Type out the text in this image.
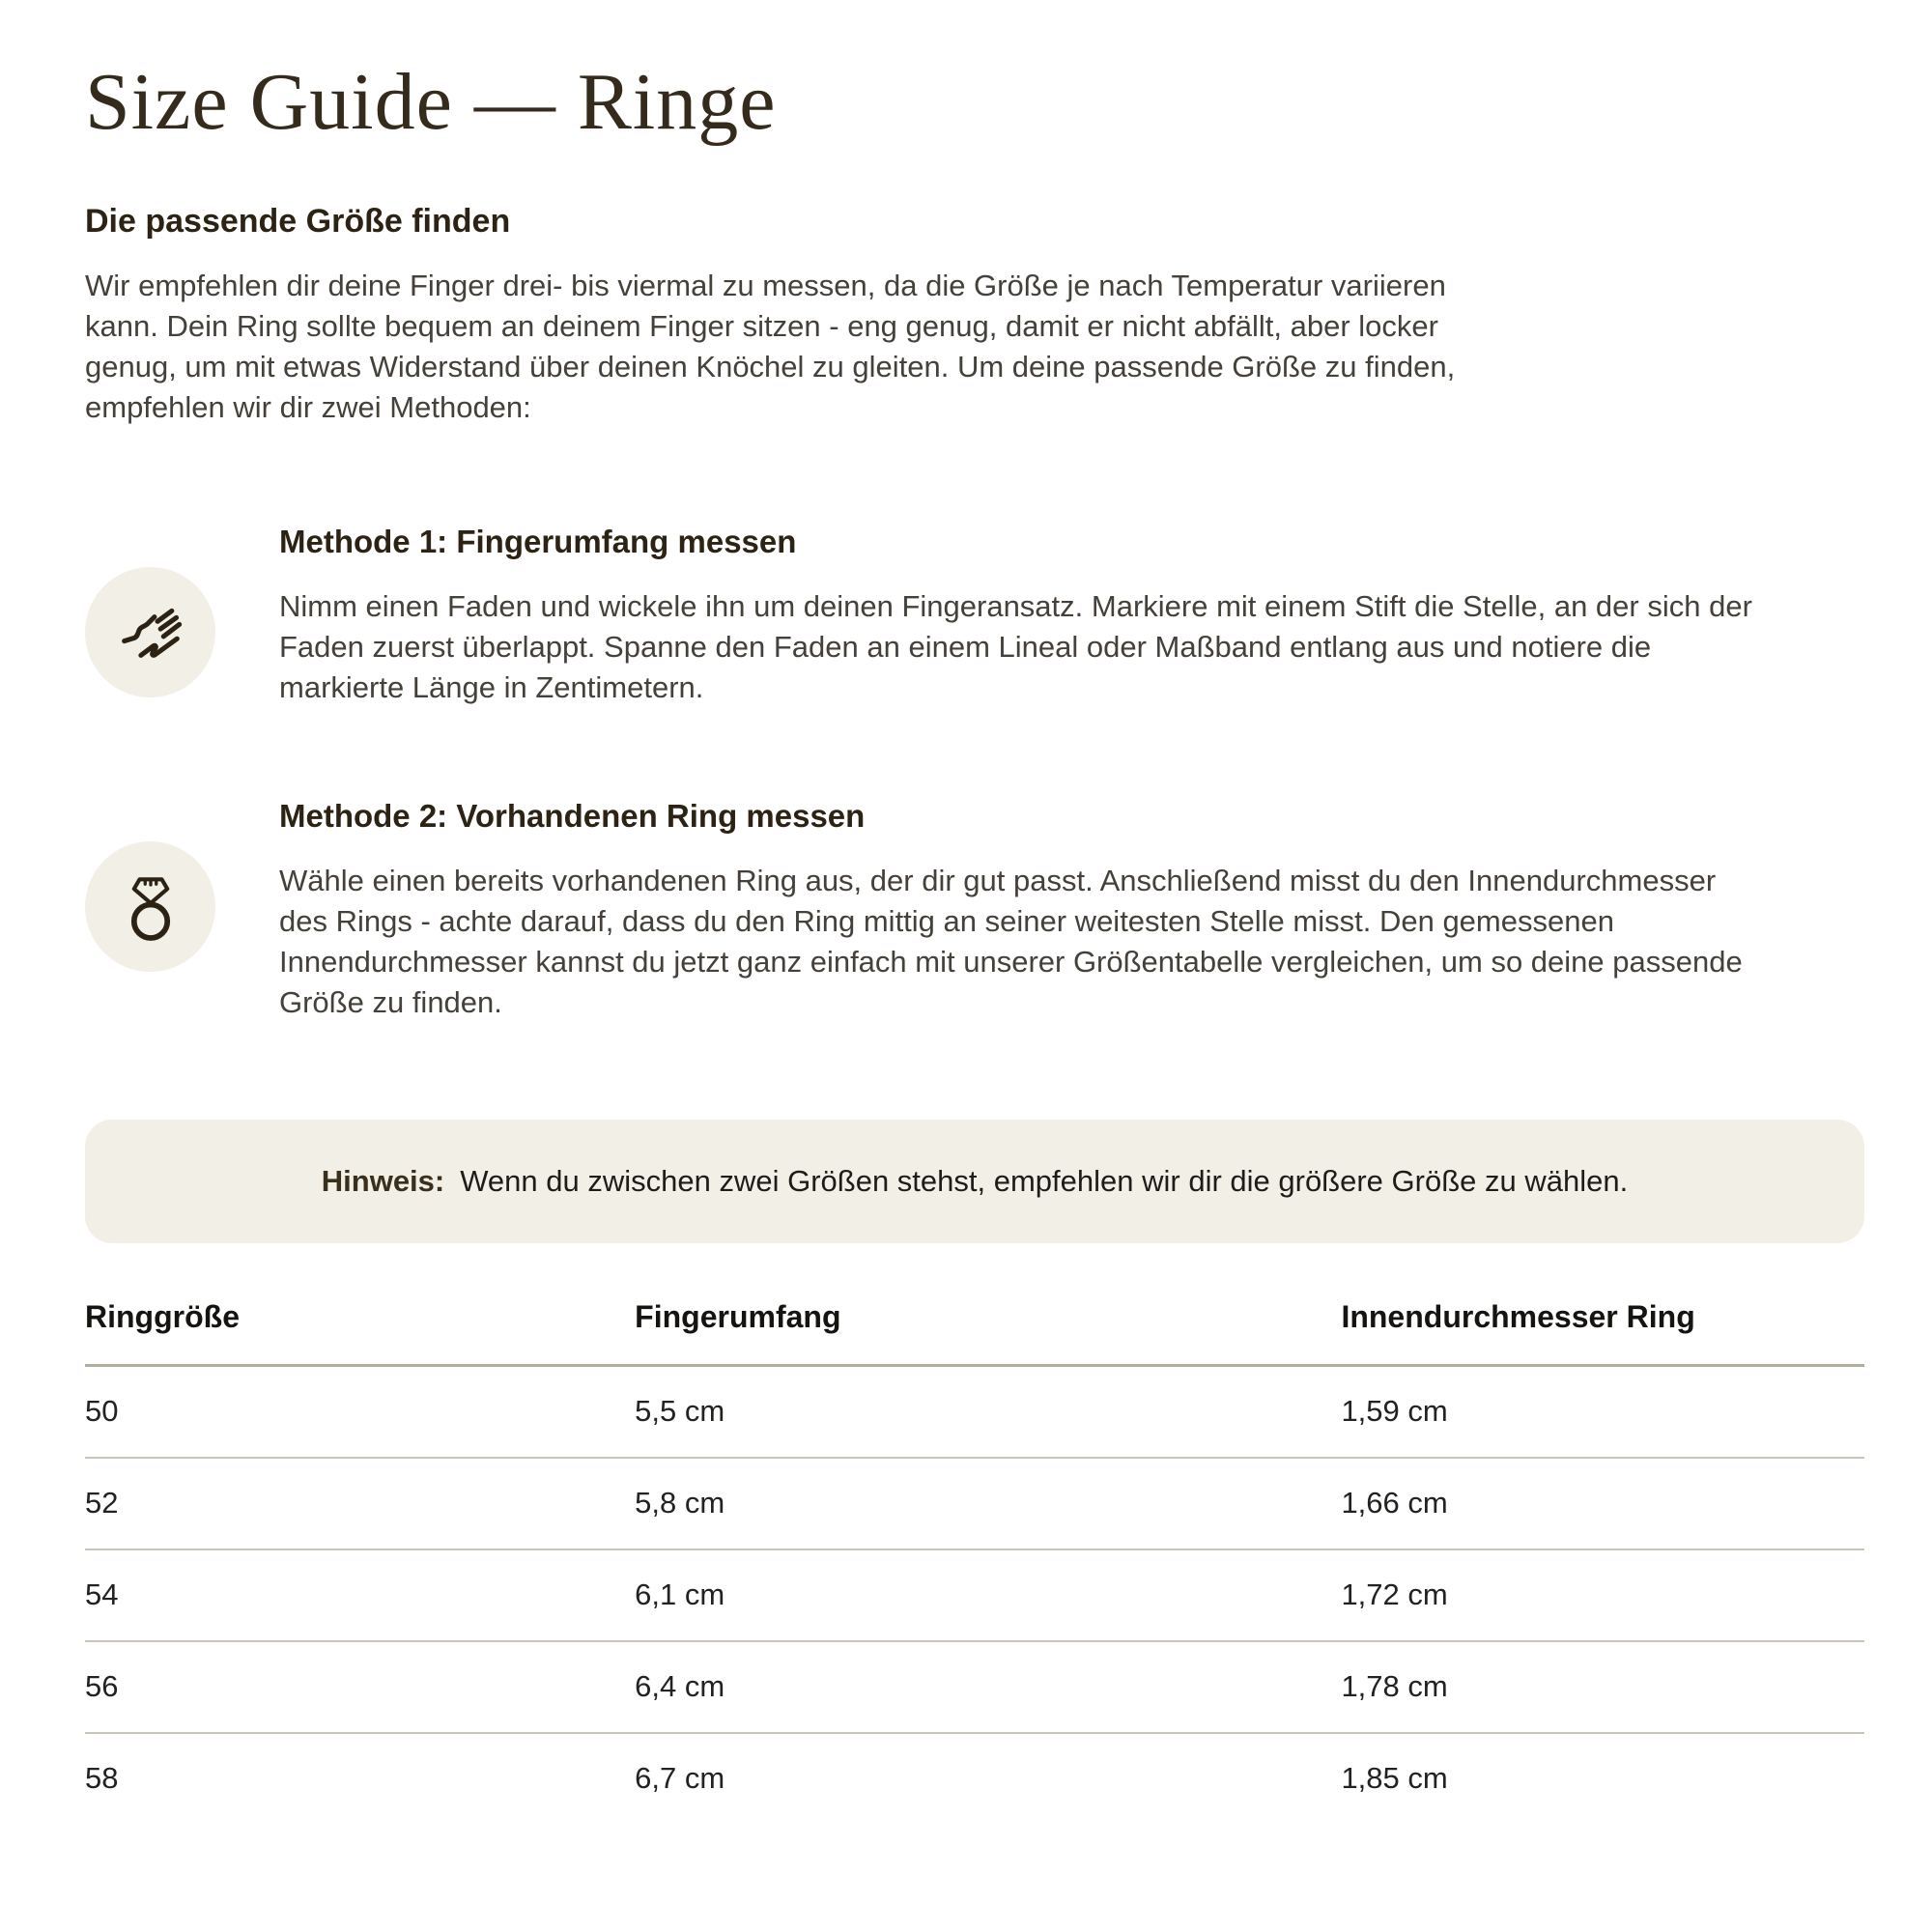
Size Guide — Ringe
Die passende Größe finden

Wir empfehlen dir deine Finger drei- bis viermal zu messen, da die Größe je nach Temperatur variieren kann. Dein Ring sollte bequem an deinem Finger sitzen - eng genug, damit er nicht abfällt, aber locker genug, um mit etwas Widerstand über deinen Knöchel zu gleiten. Um deine passende Größe zu finden, empfehlen wir dir zwei Methoden:

Methode 1: Fingerumfang messen

Nimm einen Faden und wickele ihn um deinen Fingeransatz. Markiere mit einem Stift die Stelle, an der sich der Faden zuerst überlappt. Spanne den Faden an einem Lineal oder Maßband entlang aus und notiere die markierte Länge in Zentimetern.

Methode 2: Vorhandenen Ring messen

Wähle einen bereits vorhandenen Ring aus, der dir gut passt. Anschließend misst du den Innendurchmesser des Rings - achte darauf, dass du den Ring mittig an seiner weitesten Stelle misst. Den gemessenen Innendurchmesser kannst du jetzt ganz einfach mit unserer Größentabelle vergleichen, um so deine passende Größe zu finden.

Hinweis: Wenn du zwischen zwei Größen stehst, empfehlen wir dir die größere Größe zu wählen.
Ringgröße	Fingerumfang	Innendurchmesser Ring
50	5,5 cm	1,59 cm
52	5,8 cm	1,66 cm
54	6,1 cm	1,72 cm
56	6,4 cm	1,78 cm
58	6,7 cm	1,85 cm
